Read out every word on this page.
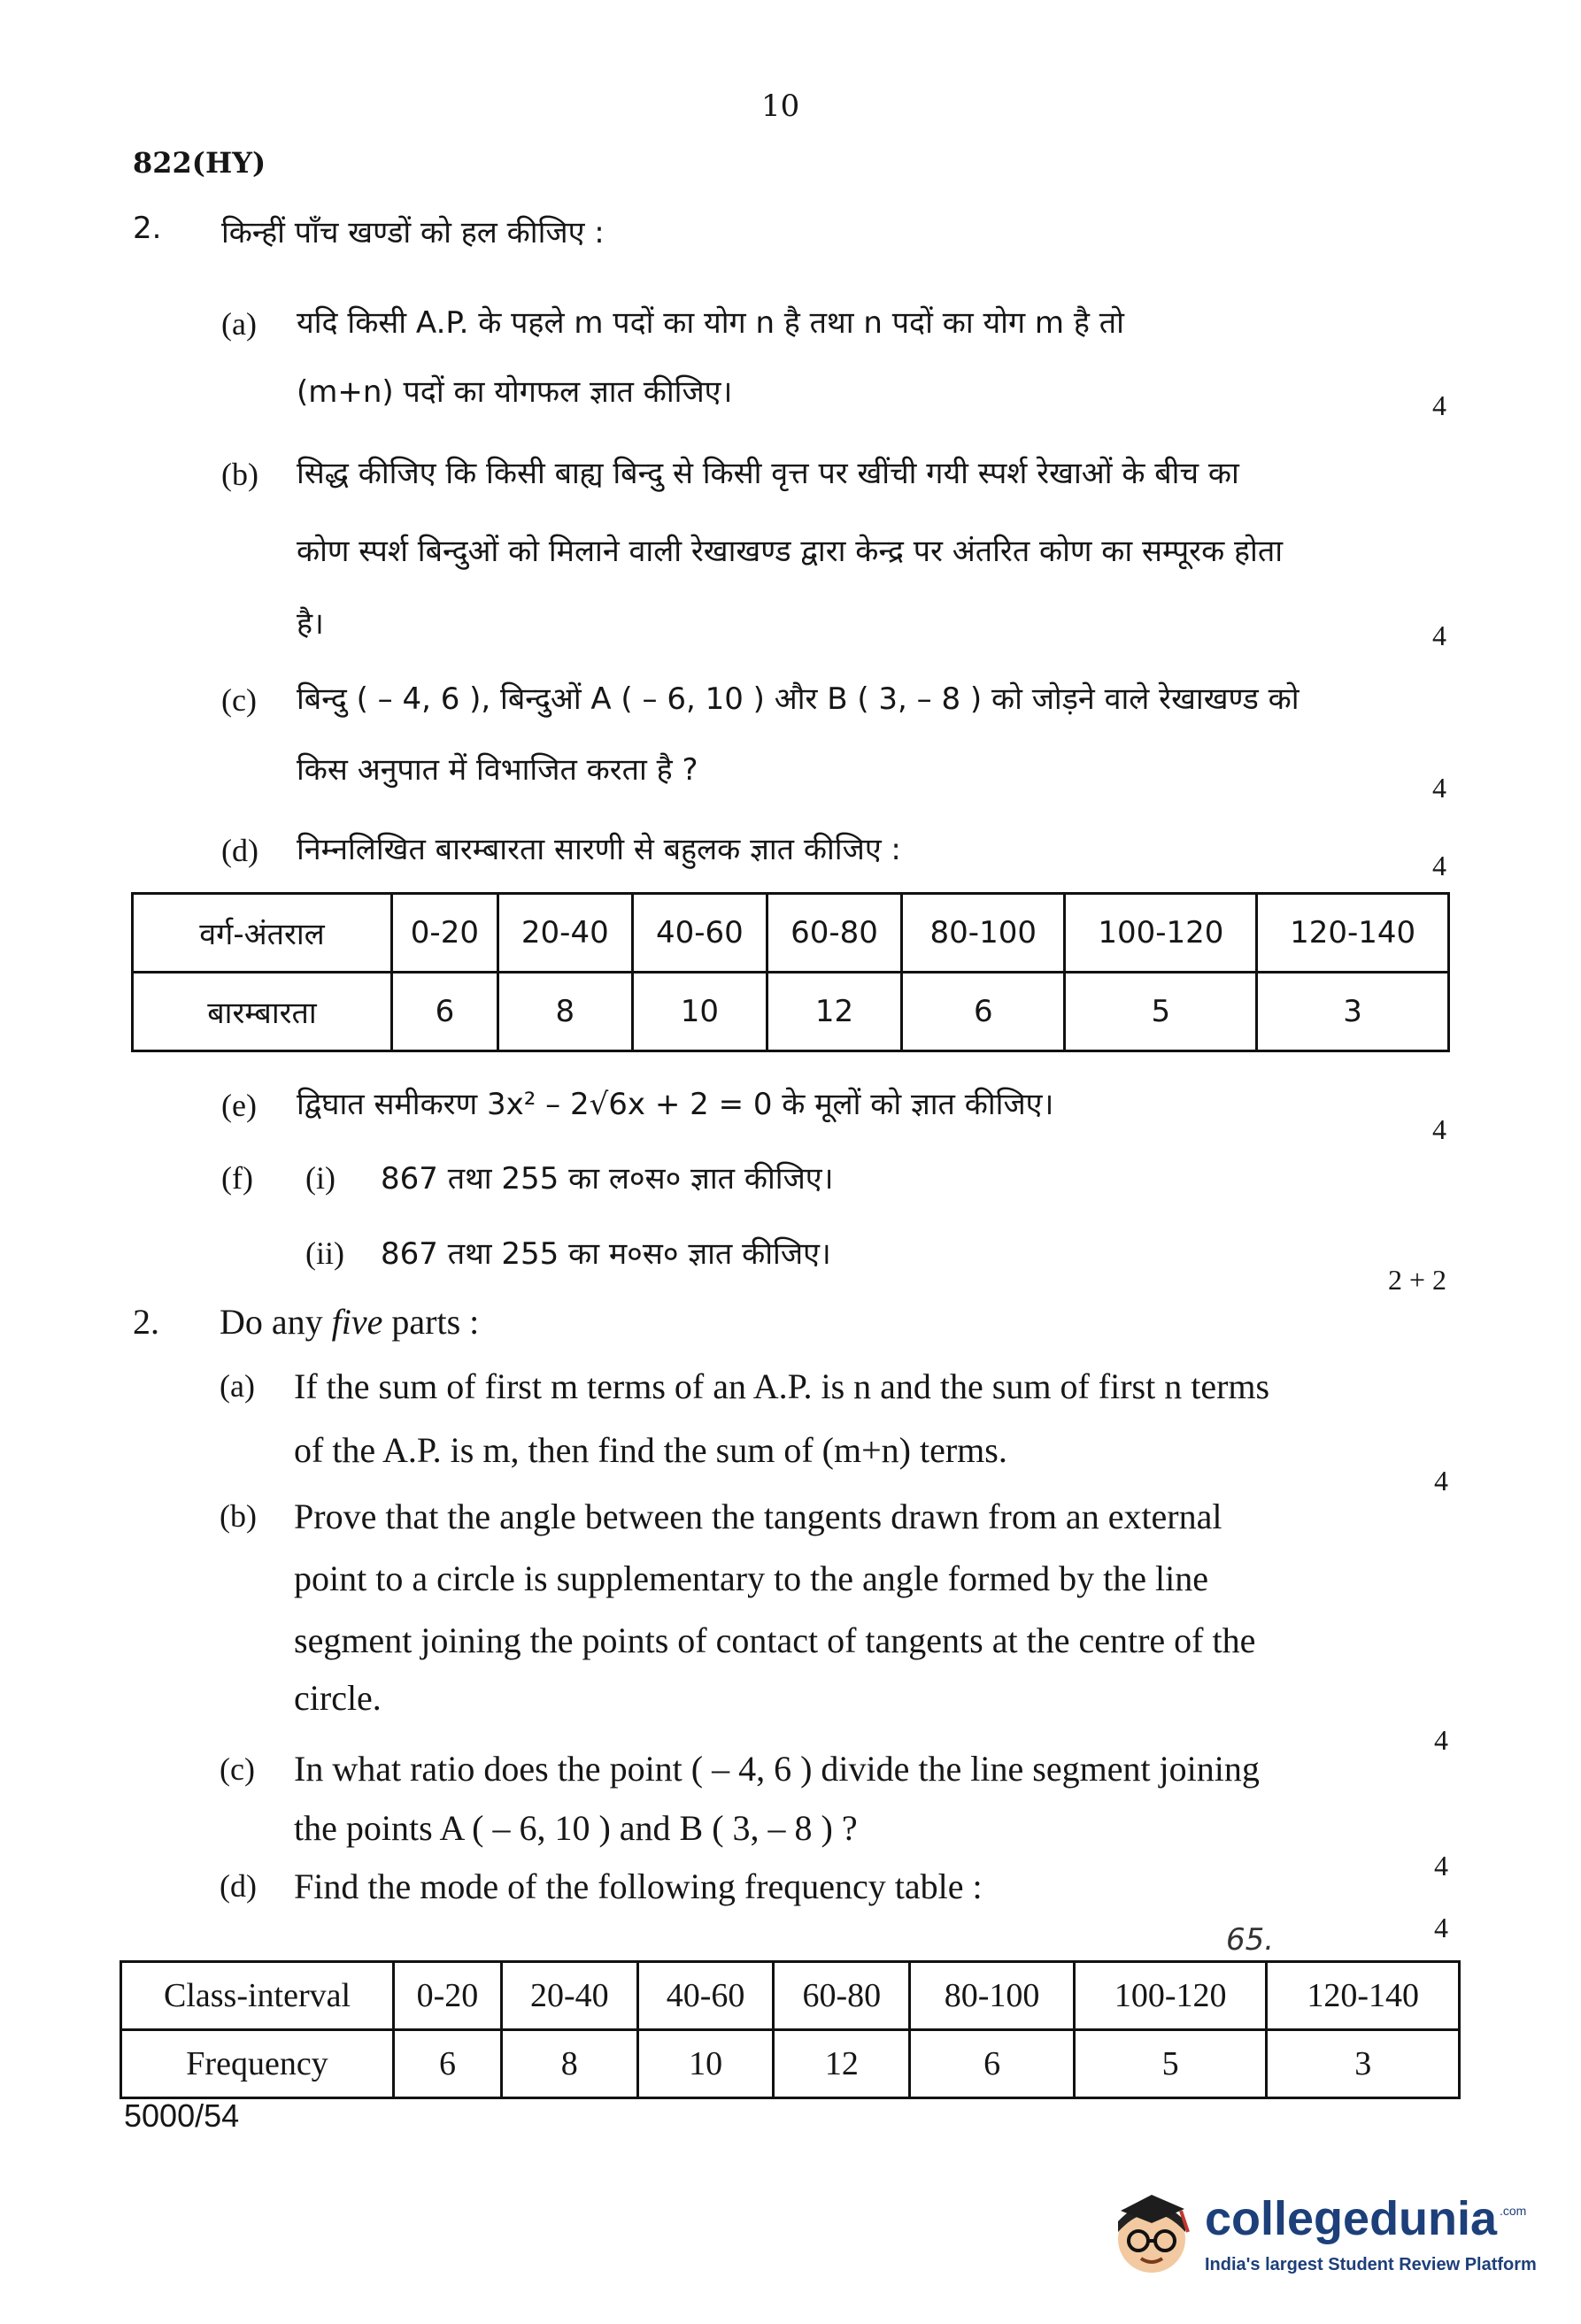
10
822(HY)
2. किन्हीं पाँच खण्डों को हल कीजिए :
(a) यदि किसी A.P. के पहले m पदों का योग n है तथा n पदों का योग m है तो
(m+n) पदों का योगफल ज्ञात कीजिए।	4
(b) सिद्ध कीजिए कि किसी बाह्य बिन्दु से किसी वृत्त पर खींची गयी स्पर्श रेखाओं के बीच का
कोण स्पर्श बिन्दुओं को मिलाने वाली रेखाखण्ड द्वारा केन्द्र पर अंतरित कोण का सम्पूरक होता
है।	4
(c) बिन्दु ( – 4, 6 ), बिन्दुओं A ( – 6, 10 ) और B ( 3, – 8 ) को जोड़ने वाले रेखाखण्ड को
किस अनुपात में विभाजित करता है ?	4
(d) निम्नलिखित बारम्बारता सारणी से बहुलक ज्ञात कीजिए :	4
वर्ग-अंतराल	0-20	20-40	40-60	60-80	80-100	100-120	120-140
बारम्बारता	6	8	10	12	6	5	3
(e) द्विघात समीकरण 3x² – 2√6x + 2 = 0 के मूलों को ज्ञात कीजिए।
4
(f) (i) 867 तथा 255 का ल०स० ज्ञात कीजिए।
(ii) 867 तथा 255 का म०स० ज्ञात कीजिए।
2 + 2
2. Do any five parts :
(a) If the sum of first m terms of an A.P. is n and the sum of first n terms
of the A.P. is m, then find the sum of (m+n) terms.
4
(b) Prove that the angle between the tangents drawn from an external
point to a circle is supplementary to the angle formed by the line
segment joining the points of contact of tangents at the centre of the
circle.
4
(c) In what ratio does the point ( – 4, 6 ) divide the line segment joining
the points A ( – 6, 10 ) and B ( 3, – 8 ) ?
4
(d) Find the mode of the following frequency table :
4
65.
Class-interval	0-20	20-40	40-60	60-80	80-100	100-120	120-140
Frequency	6	8	10	12	6	5	3
5000/54
collegedunia .com
India's largest Student Review Platform
